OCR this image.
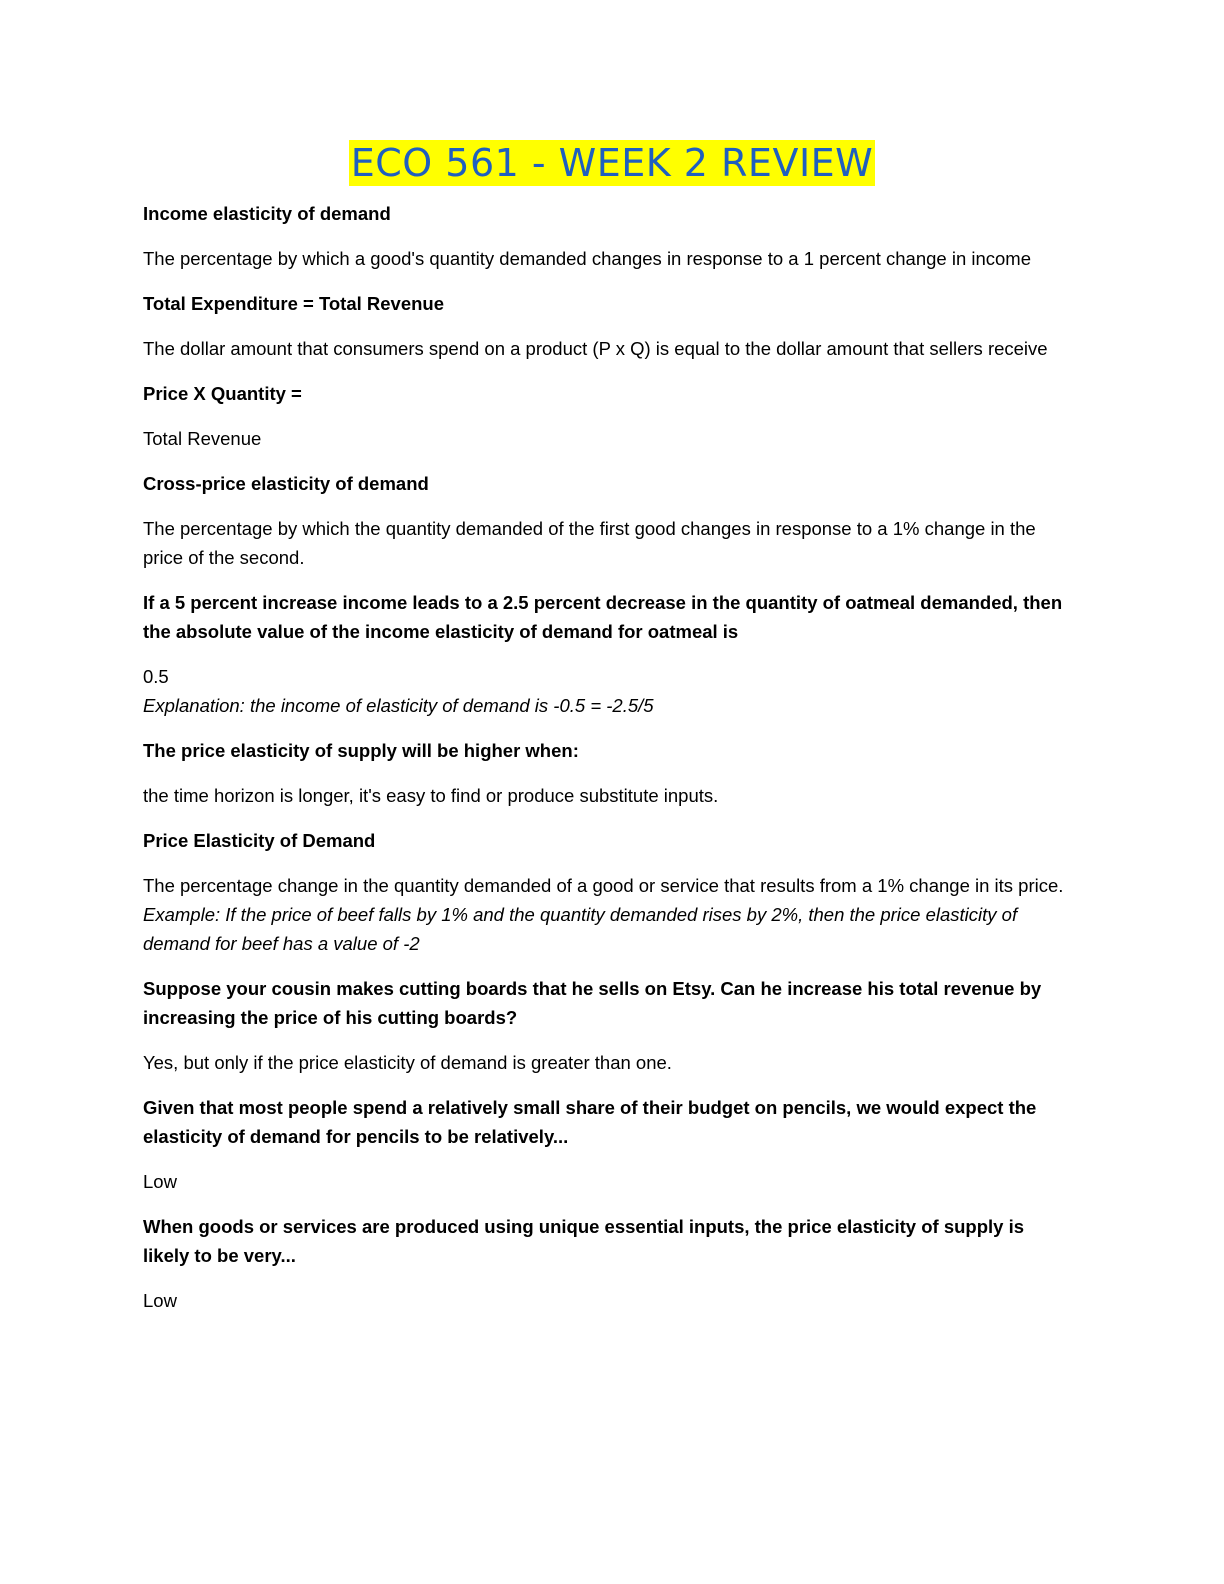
ECO 561 - WEEK 2 REVIEW

Income elasticity of demand

The percentage by which a good's quantity demanded changes in response to a 1 percent change in income

Total Expenditure = Total Revenue

The dollar amount that consumers spend on a product (P x Q) is equal to the dollar amount that sellers receive

Price X Quantity =

Total Revenue

Cross-price elasticity of demand

The percentage by which the quantity demanded of the first good changes in response to a 1% change in the price of the second.

If a 5 percent increase income leads to a 2.5 percent decrease in the quantity of oatmeal demanded, then the absolute value of the income elasticity of demand for oatmeal is

0.5

Explanation: the income of elasticity of demand is -0.5 = -2.5/5

The price elasticity of supply will be higher when:

the time horizon is longer, it's easy to find or produce substitute inputs.

Price Elasticity of Demand

The percentage change in the quantity demanded of a good or service that results from a 1% change in its price.

Example: If the price of beef falls by 1% and the quantity demanded rises by 2%, then the price elasticity of demand for beef has a value of -2

Suppose your cousin makes cutting boards that he sells on Etsy. Can he increase his total revenue by increasing the price of his cutting boards?

Yes, but only if the price elasticity of demand is greater than one.

Given that most people spend a relatively small share of their budget on pencils, we would expect the elasticity of demand for pencils to be relatively...

Low

When goods or services are produced using unique essential inputs, the price elasticity of supply is likely to be very...

Low
